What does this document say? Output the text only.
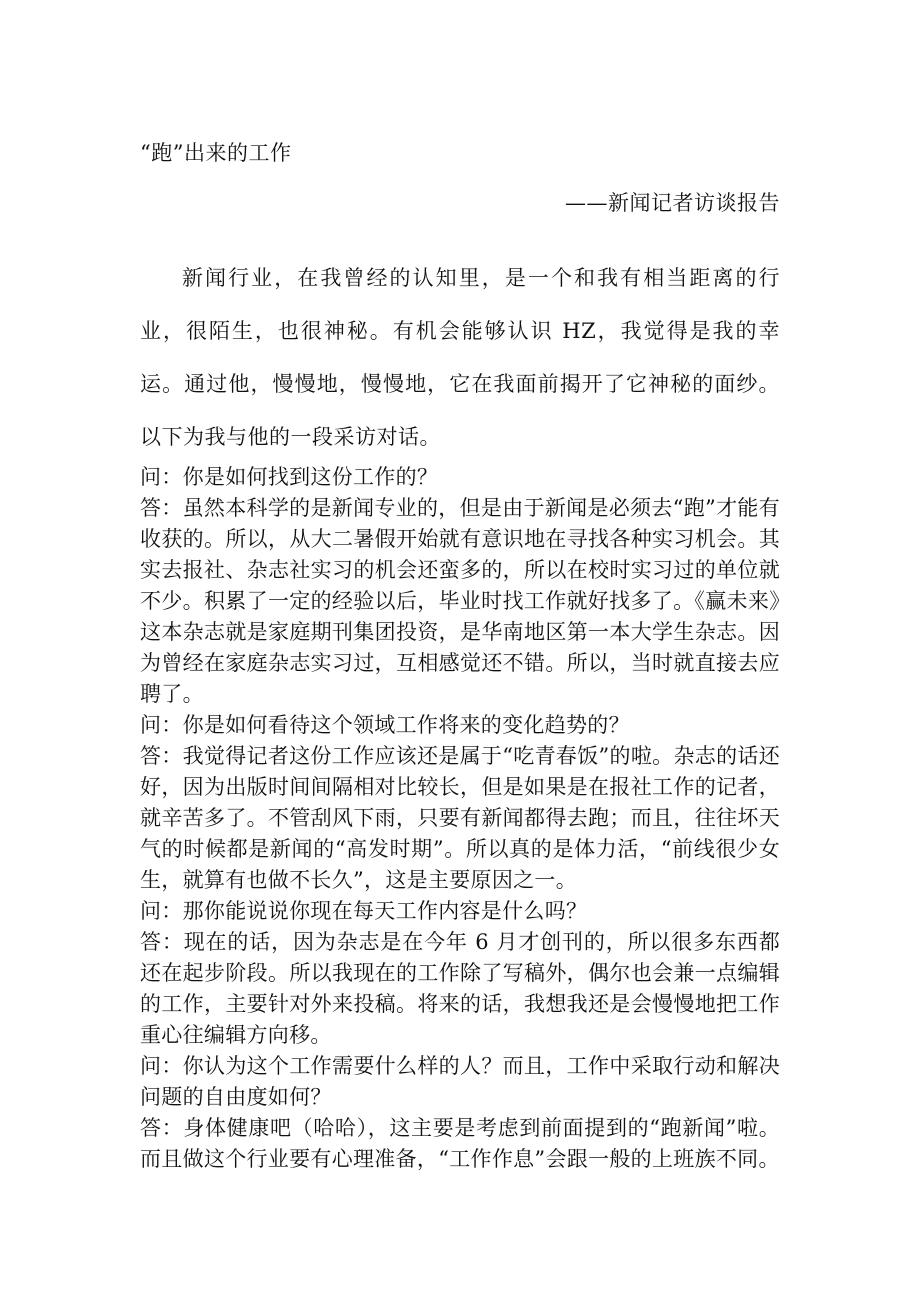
“跑”出来的工作

——新闻记者访谈报告

新闻行业，在我曾经的认知里，是一个和我有相当距离的行业，很陌生，也很神秘。有机会能够认识 HZ，我觉得是我的幸运。通过他，慢慢地，慢慢地，它在我面前揭开了它神秘的面纱。以下为我与他的一段采访对话。

问：你是如何找到这份工作的？

答：虽然本科学的是新闻专业的，但是由于新闻是必须去“跑”才能有收获的。所以，从大二暑假开始就有意识地在寻找各种实习机会。其实去报社、杂志社实习的机会还蛮多的，所以在校时实习过的单位就不少。积累了一定的经验以后，毕业时找工作就好找多了。《赢未来》这本杂志就是家庭期刊集团投资，是华南地区第一本大学生杂志。因为曾经在家庭杂志实习过，互相感觉还不错。所以，当时就直接去应聘了。

问：你是如何看待这个领域工作将来的变化趋势的？

答：我觉得记者这份工作应该还是属于“吃青春饭”的啦。杂志的话还好，因为出版时间间隔相对比较长，但是如果是在报社工作的记者，就辛苦多了。不管刮风下雨，只要有新闻都得去跑；而且，往往坏天气的时候都是新闻的“高发时期”。所以真的是体力活，“前线很少女生，就算有也做不长久”，这是主要原因之一。

问：那你能说说你现在每天工作内容是什么吗？

答：现在的话，因为杂志是在今年 6 月才创刊的，所以很多东西都还在起步阶段。所以我现在的工作除了写稿外，偶尔也会兼一点编辑的工作，主要针对外来投稿。将来的话，我想我还是会慢慢地把工作重心往编辑方向移。

问：你认为这个工作需要什么样的人？而且，工作中采取行动和解决问题的自由度如何？

答：身体健康吧（哈哈），这主要是考虑到前面提到的“跑新闻”啦。而且做这个行业要有心理准备，“工作作息”会跟一般的上班族不同。
